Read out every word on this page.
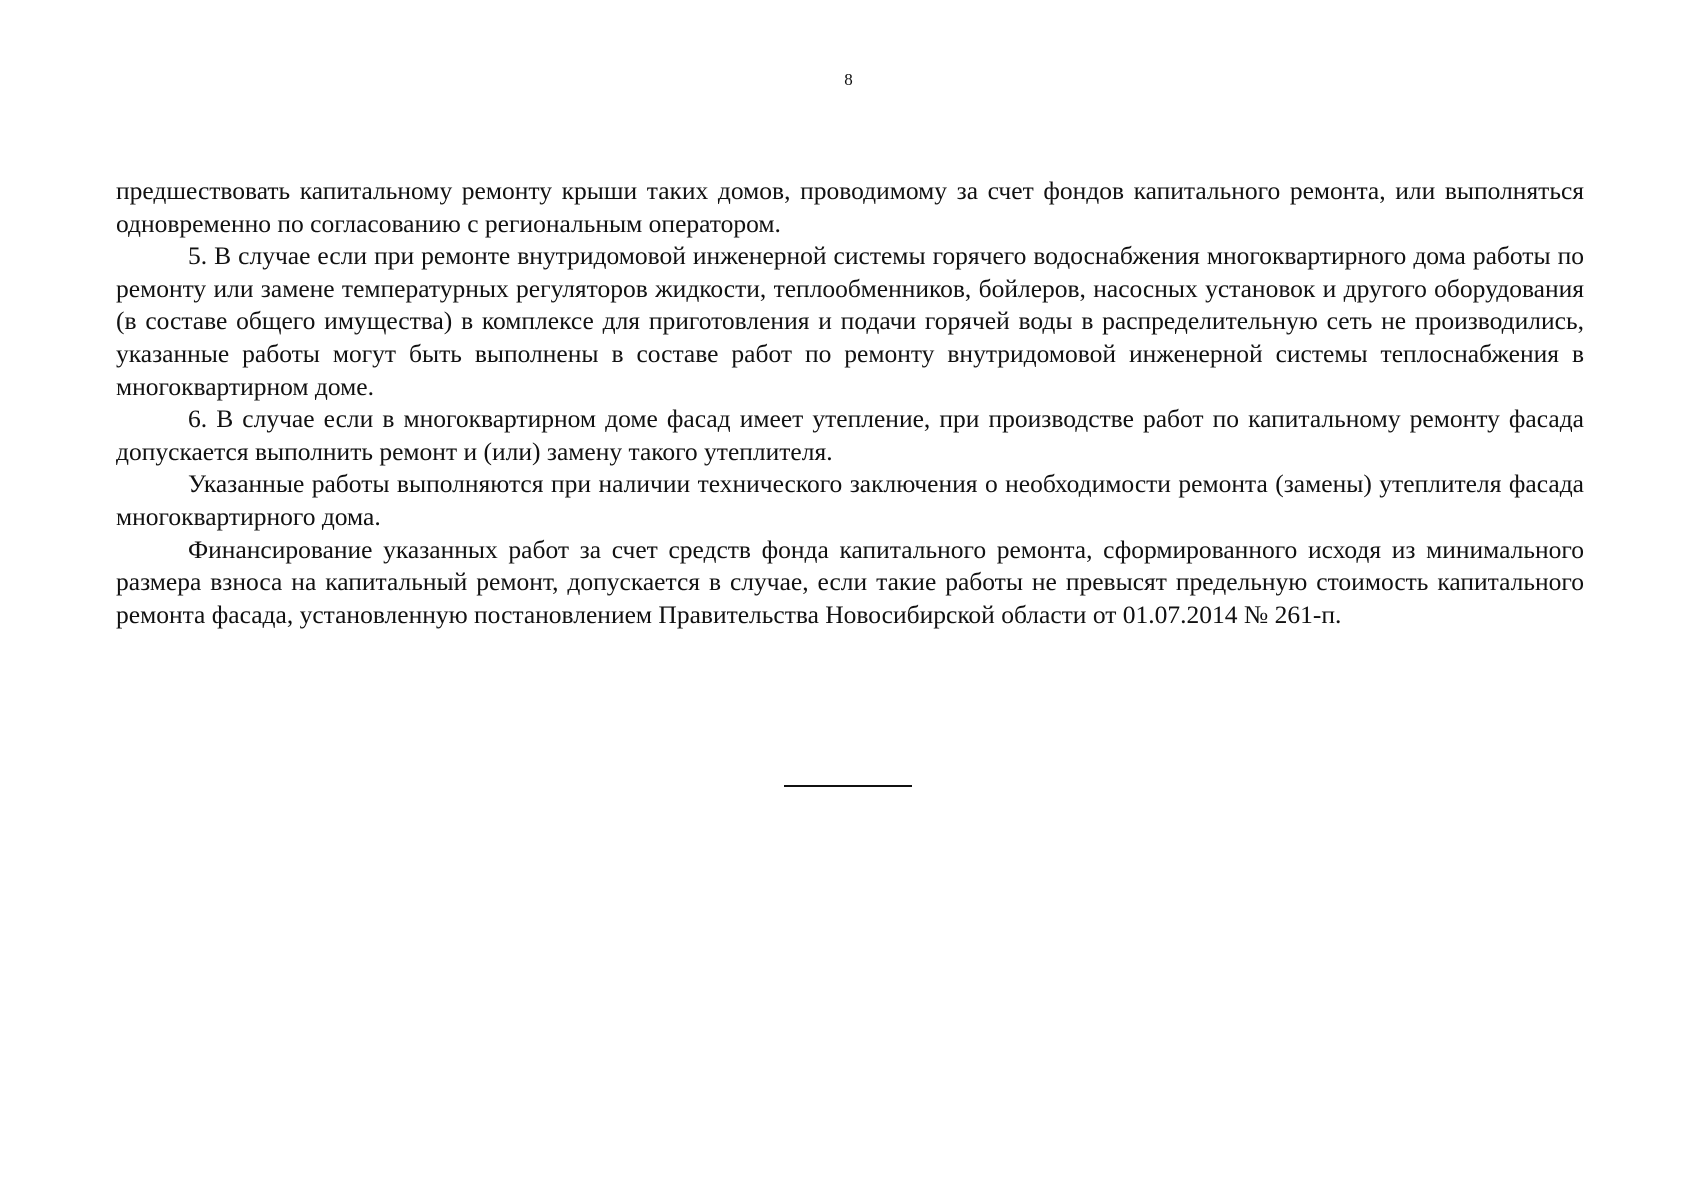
8

предшествовать капитальному ремонту крыши таких домов, проводимому за счет фондов капитального ремонта, или выполняться одновременно по согласованию с региональным оператором.

5. В случае если при ремонте внутридомовой инженерной системы горячего водоснабжения многоквартирного дома работы по ремонту или замене температурных регуляторов жидкости, теплообменников, бойлеров, насосных установок и другого оборудования (в составе общего имущества) в комплексе для приготовления и подачи горячей воды в распределительную сеть не производились, указанные работы могут быть выполнены в составе работ по ремонту внутридомовой инженерной системы теплоснабжения в многоквартирном доме.

6. В случае если в многоквартирном доме фасад имеет утепление, при производстве работ по капитальному ремонту фасада допускается выполнить ремонт и (или) замену такого утеплителя.

Указанные работы выполняются при наличии технического заключения о необходимости ремонта (замены) утеплителя фасада многоквартирного дома.

Финансирование указанных работ за счет средств фонда капитального ремонта, сформированного исходя из минимального размера взноса на капитальный ремонт, допускается в случае, если такие работы не превысят предельную стоимость капитального ремонта фасада, установленную постановлением Правительства Новосибирской области от 01.07.2014 № 261-п.
